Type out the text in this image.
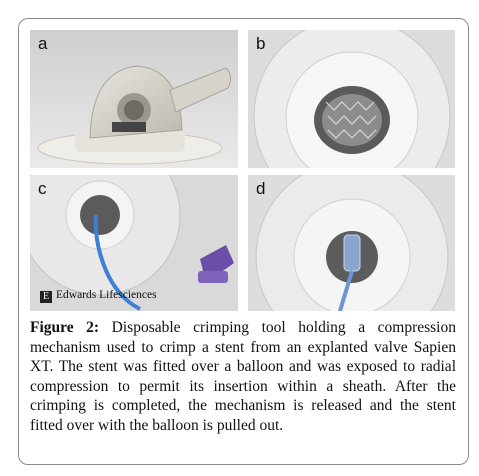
a	b
c
E Edwards Lifesciences
d
Figure 2: Disposable crimping tool holding a compression mechanism used to crimp a stent from an explanted valve Sapien XT. The stent was fitted over a balloon and was exposed to radial compression to permit its insertion within a sheath. After the crimping is completed, the mechanism is released and the stent fitted over with the balloon is pulled out.
